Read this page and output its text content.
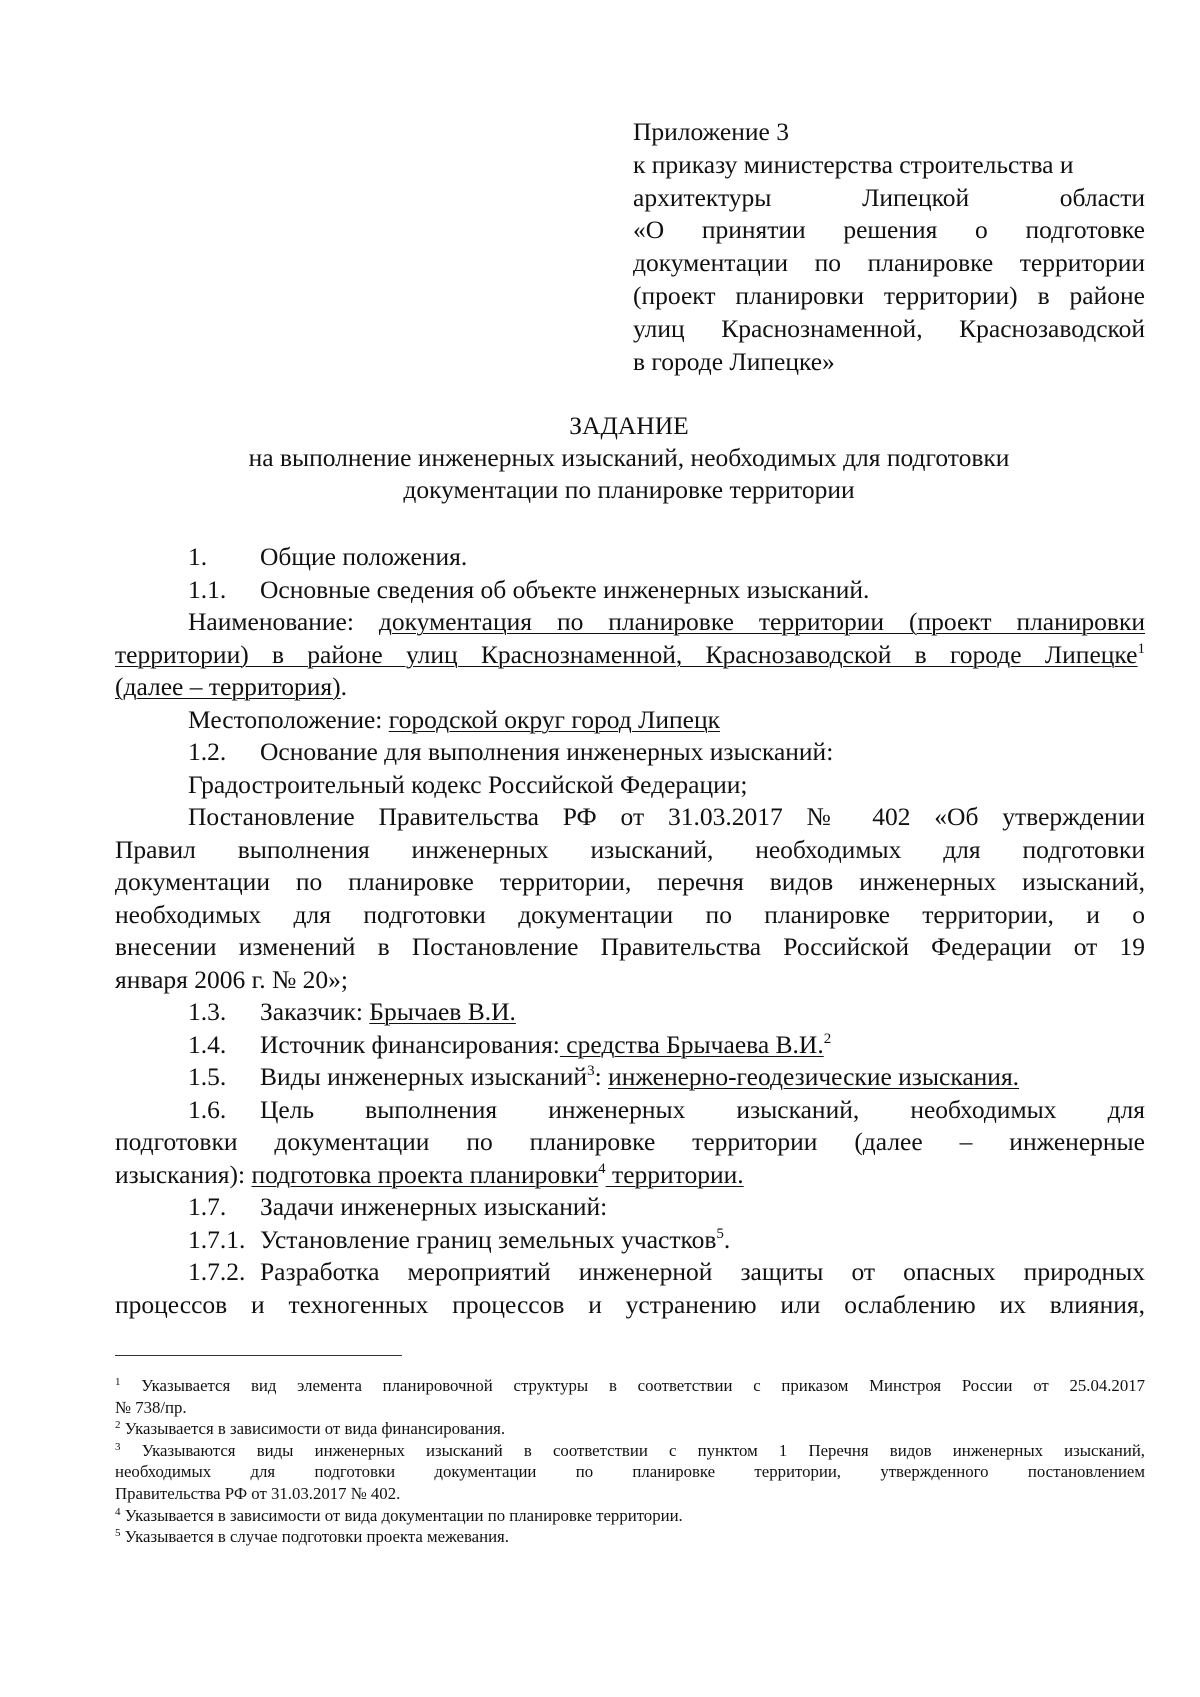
Приложение 3
к приказу министерства строительства и
архитектуры Липецкой области
«О принятии решения о подготовке
документации по планировке территории
(проект планировки территории) в районе
улиц Краснознаменной, Краснозаводской
в городе Липецке»
ЗАДАНИЕ
на выполнение инженерных изысканий, необходимых для подготовки
документации по планировке территории
1. Общие положения.
1.1. Основные сведения об объекте инженерных изысканий.
Наименование: документация по планировке территории (проект планировки
территории) в районе улиц Краснознаменной, Краснозаводской в городе Липецке$^1$
(далее – территория).
Местоположение: городской округ город Липецк
1.2. Основание для выполнения инженерных изысканий:
Градостроительный кодекс Российской Федерации;
Постановление Правительства РФ от 31.03.2017 № 402 «Об утверждении
Правил выполнения инженерных изысканий, необходимых для подготовки
документации по планировке территории, перечня видов инженерных изысканий,
необходимых для подготовки документации по планировке территории, и о
внесении изменений в Постановление Правительства Российской Федерации от 19
января 2006 г. № 20»;
1.3. Заказчик: Брычаев В.И.
1.4. Источник финансирования: средства Брычаева В.И.$^2$
1.5. Виды инженерных изысканий$^3$: инженерно-геодезические изыскания.
1.6. Цель выполнения инженерных изысканий, необходимых для
подготовки документации по планировке территории (далее – инженерные
изыскания): подготовка проекта планировки$^4$ территории.
1.7. Задачи инженерных изысканий:
1.7.1. Установление границ земельных участков$^5$.
1.7.2. Разработка мероприятий инженерной защиты от опасных природных
процессов и техногенных процессов и устранению или ослаблению их влияния,
$^1$ Указывается вид элемента планировочной структуры в соответствии с приказом Минстроя России от 25.04.2017
№ 738/пр.
$^2$ Указывается в зависимости от вида финансирования.
$^3$ Указываются виды инженерных изысканий в соответствии с пунктом 1 Перечня видов инженерных изысканий,
необходимых для подготовки документации по планировке территории, утвержденного постановлением
Правительства РФ от 31.03.2017 № 402.
$^4$ Указывается в зависимости от вида документации по планировке территории.
$^5$ Указывается в случае подготовки проекта межевания.
